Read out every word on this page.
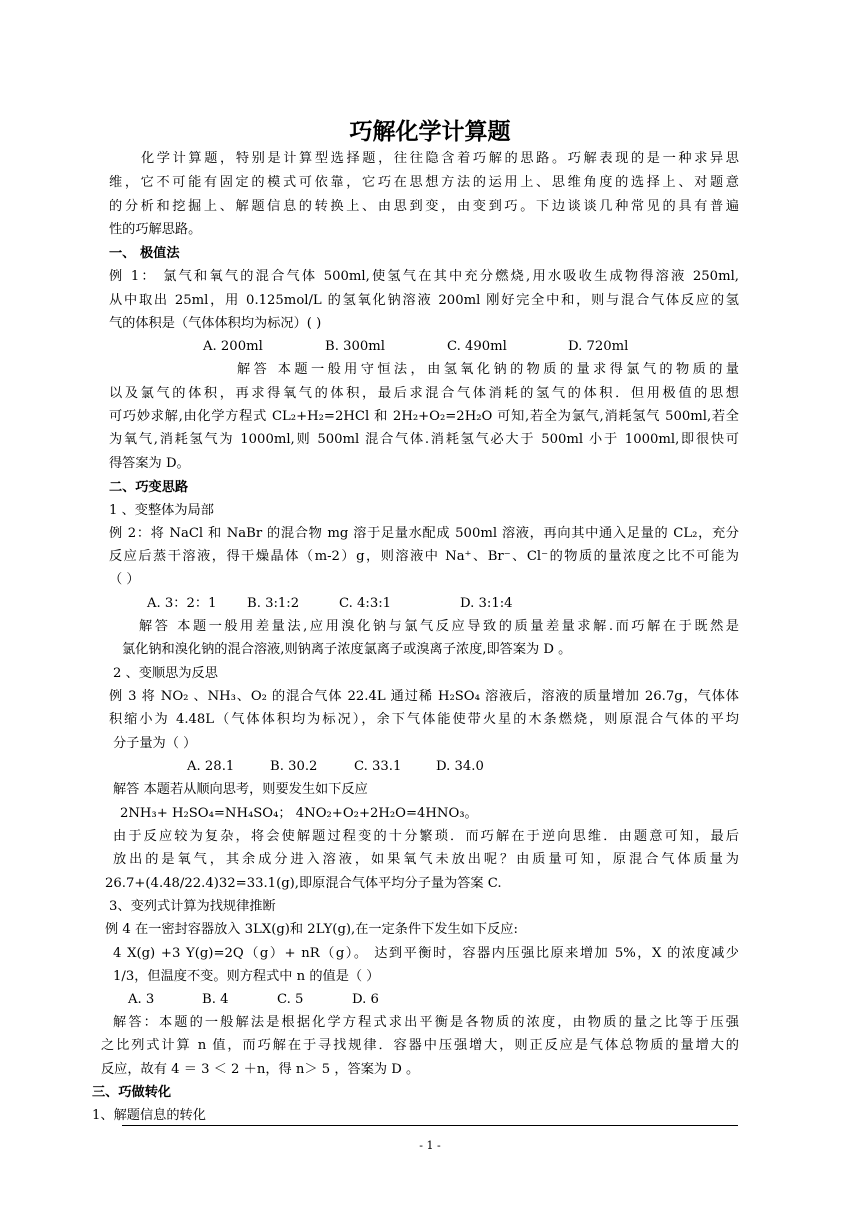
巧解化学计算题
化学计算题，特别是计算型选择题，往往隐含着巧解的思路。巧解表现的是一种求异思
维，它不可能有固定的模式可依靠，它巧在思想方法的运用上、思维角度的选择上、对题意
的分析和挖掘上、解题信息的转换上、由思到变，由变到巧。下边谈谈几种常见的具有普遍
性的巧解思路。
一、 极值法
例 1： 氯气和氧气的混合气体 500ml,使氢气在其中充分燃烧,用水吸收生成物得溶液 250ml,
从中取出 25ml，用 0.125mol/L 的氢氧化钠溶液 200ml 刚好完全中和，则与混合气体反应的氢
气的体积是（气体体积均为标况）( )
A. 200ml	B. 300ml	C. 490ml	D. 720ml
解答 本题一般用守恒法，由氢氧化钠的物质的量求得氯气的物质的量
以及氯气的体积，再求得氧气的体积，最后求混合气体消耗的氢气的体积．但用极值的思想
可巧妙求解,由化学方程式 CL₂+H₂=2HCl 和 2H₂+O₂=2H₂O 可知,若全为氯气,消耗氢气 500ml,若全
为氧气,消耗氢气为 1000ml,则 500ml 混合气体.消耗氢气必大于 500ml 小于 1000ml,即很快可
得答案为 D。
二、巧变思路
1 、变整体为局部
例 2：将 NaCl 和 NaBr 的混合物 mg 溶于足量水配成 500ml 溶液，再向其中通入足量的 CL₂，充分
反应后蒸干溶液，得干燥晶体（m-2）g，则溶液中 Na⁺、Br⁻、Cl⁻的物质的量浓度之比不可能为
（ ）
A. 3：2：1 B. 3:1:2	C. 4:3:1	D. 3:1:4
解答 本题一般用差量法,应用溴化钠与氯气反应导致的质量差量求解.而巧解在于既然是
氯化钠和溴化钠的混合溶液,则钠离子浓度氯离子或溴离子浓度,即答案为 D 。
2 、变顺思为反思
例 3 将 NO₂ 、NH₃、O₂ 的混合气体 22.4L 通过稀 H₂SO₄ 溶液后，溶液的质量增加 26.7g，气体体
积缩小为 4.48L（气体体积均为标况），余下气体能使带火星的木条燃烧，则原混合气体的平均
分子量为（ ）
A. 28.1	B. 30.2	C. 33.1	D. 34.0
解答 本题若从顺向思考，则要发生如下反应
2NH₃+ H₂SO₄=NH₄SO₄； 4NO₂+O₂+2H₂O=4HNO₃。
由于反应较为复杂，将会使解题过程变的十分繁琐．而巧解在于逆向思维．由题意可知，最后
放出的是氧气，其余成分进入溶液，如果氧气未放出呢？由质量可知，原混合气体质量为
26.7+(4.48/22.4)32=33.1(g),即原混合气体平均分子量为答案 C.
3、变列式计算为找规律推断
例 4 在一密封容器放入 3LX(g)和 2LY(g),在一定条件下发生如下反应:
4 X(g) +3 Y(g)=2Q（g）+ nR（g）。 达到平衡时，容器内压强比原来增加 5%，X 的浓度减少
1/3，但温度不变。则方程式中 n 的值是（ ）
A. 3	B. 4	C. 5	D. 6
解答：本题的一般解法是根据化学方程式求出平衡是各物质的浓度，由物质的量之比等于压强
之比列式计算 n 值，而巧解在于寻找规律．容器中压强增大，则正反应是气体总物质的量增大的
反应，故有 4 ＝ 3 ＜ 2 ＋n，得 n＞ 5 ，答案为 D 。
三、巧做转化
1、解题信息的转化
- 1 -
